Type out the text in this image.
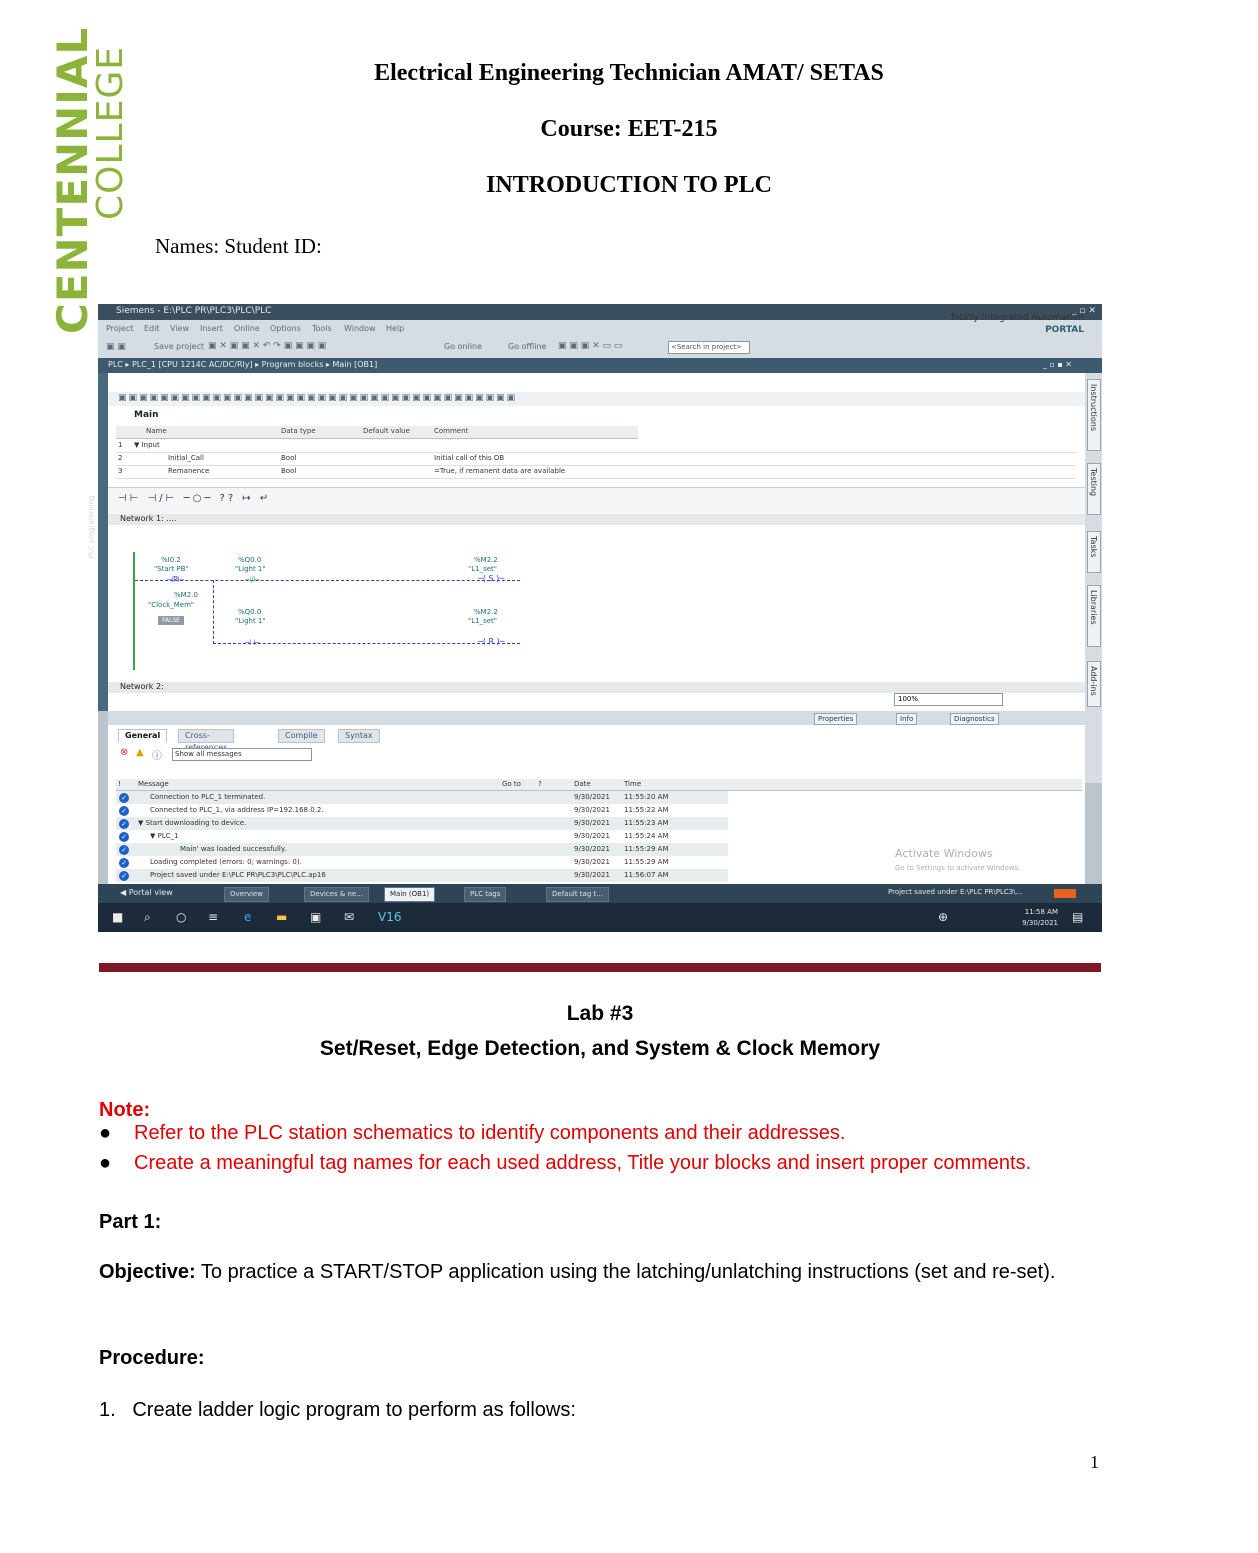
CENTENNIAL
COLLEGE	Electrical Engineering Technician AMAT/ SETAS
Course: EET-215
INTRODUCTION TO PLC
Names: Student ID:
Siemens - E:\PLC PR\PLC3\PLC\PLC	_ ▫ ✕
Project Edit View Insert Online Options Tools Window Help
Totally Integrated Automation
PORTAL
▣ ▣	Save project ▣ ✕ ▣ ▣ ✕ ↶ ↷ ▣ ▣ ▣ ▣	Go online	Go offline ▣ ▣ ▣ ✕ ▭ ▭	<Search in project>
PLC ▸ PLC_1 [CPU 1214C AC/DC/Rly] ▸ Program blocks ▸ Main [OB1]	_ ▫ ▪ ✕
PLC programming
▣▣▣▣▣▣▣▣▣▣▣▣▣▣▣▣▣▣▣▣▣▣▣▣▣▣▣▣▣▣▣▣▣▣▣▣▣▣
Main
Name	Data type	Default value	Comment
1 ▼ Input
2	Initial_Call	Bool	Initial call of this OB
3	Remanence	Bool	=True, if remanent data are available
⊣⊢ ⊣/⊢ ─○─ ?? ↦ ↵
Network 1: ....
%I0.2
"Start PB"
%Q0.0
"Light 1"
%M2.2
"L1_set"
⊣P⊢	⊣/⊢	─( S )─
%M2.0
"Clock_Mem"
FALSE
%Q0.0
"Light 1"
%M2.2
"L1_set"
⊣ ⊢	─( R )─
Network 2:
100%
Properties	Info	Diagnostics
General	Cross-	Compile	Syntax
⊗ ▲ ⓘ	Show all messages
! Message	Go to ?	Date	Time
✓	Connection to PLC_1 terminated.	9/30/2021 11:55:20 AM
✓	Connected to PLC_1, via address IP=192.168.0.2.	9/30/2021 11:55:22 AM
✓ ▼ Start downloading to device.	9/30/2021 11:55:23 AM
✓	▼ PLC_1	9/30/2021 11:55:24 AM
✓	Main' was loaded successfully.	9/30/2021 11:55:29 AM
✓	Loading completed (errors: 0; warnings: 0).	9/30/2021 11:55:29 AM
✓	Project saved under E:\PLC PR\PLC3\PLC\PLC.ap16	9/30/2021 11:56:07 AM
Activate Windows
Go to Settings to activate Windows.
Instructions
Testing
Tasks
Libraries
Add-ins
◀ Portal view	Overview	Devices & ne...	Main (OB1)	PLC tags	Default tag t...	Project saved under E:\PLC PR\PLC3\...
■ ⌕ ○ ≡ e ▬ ▣ ✉ V16	⊕	11:58 AM
9/30/2021 ▤
Lab #3
Set/Reset, Edge Detection, and System & Clock Memory
Note:
● Refer to the PLC station schematics to identify components and their addresses.
● Create a meaningful tag names for each used address, Title your blocks and insert proper comments.
Part 1:
Objective: To practice a START/STOP application using the latching/unlatching instructions (set and re-set).
Procedure:
1. Create ladder logic program to perform as follows:
1
